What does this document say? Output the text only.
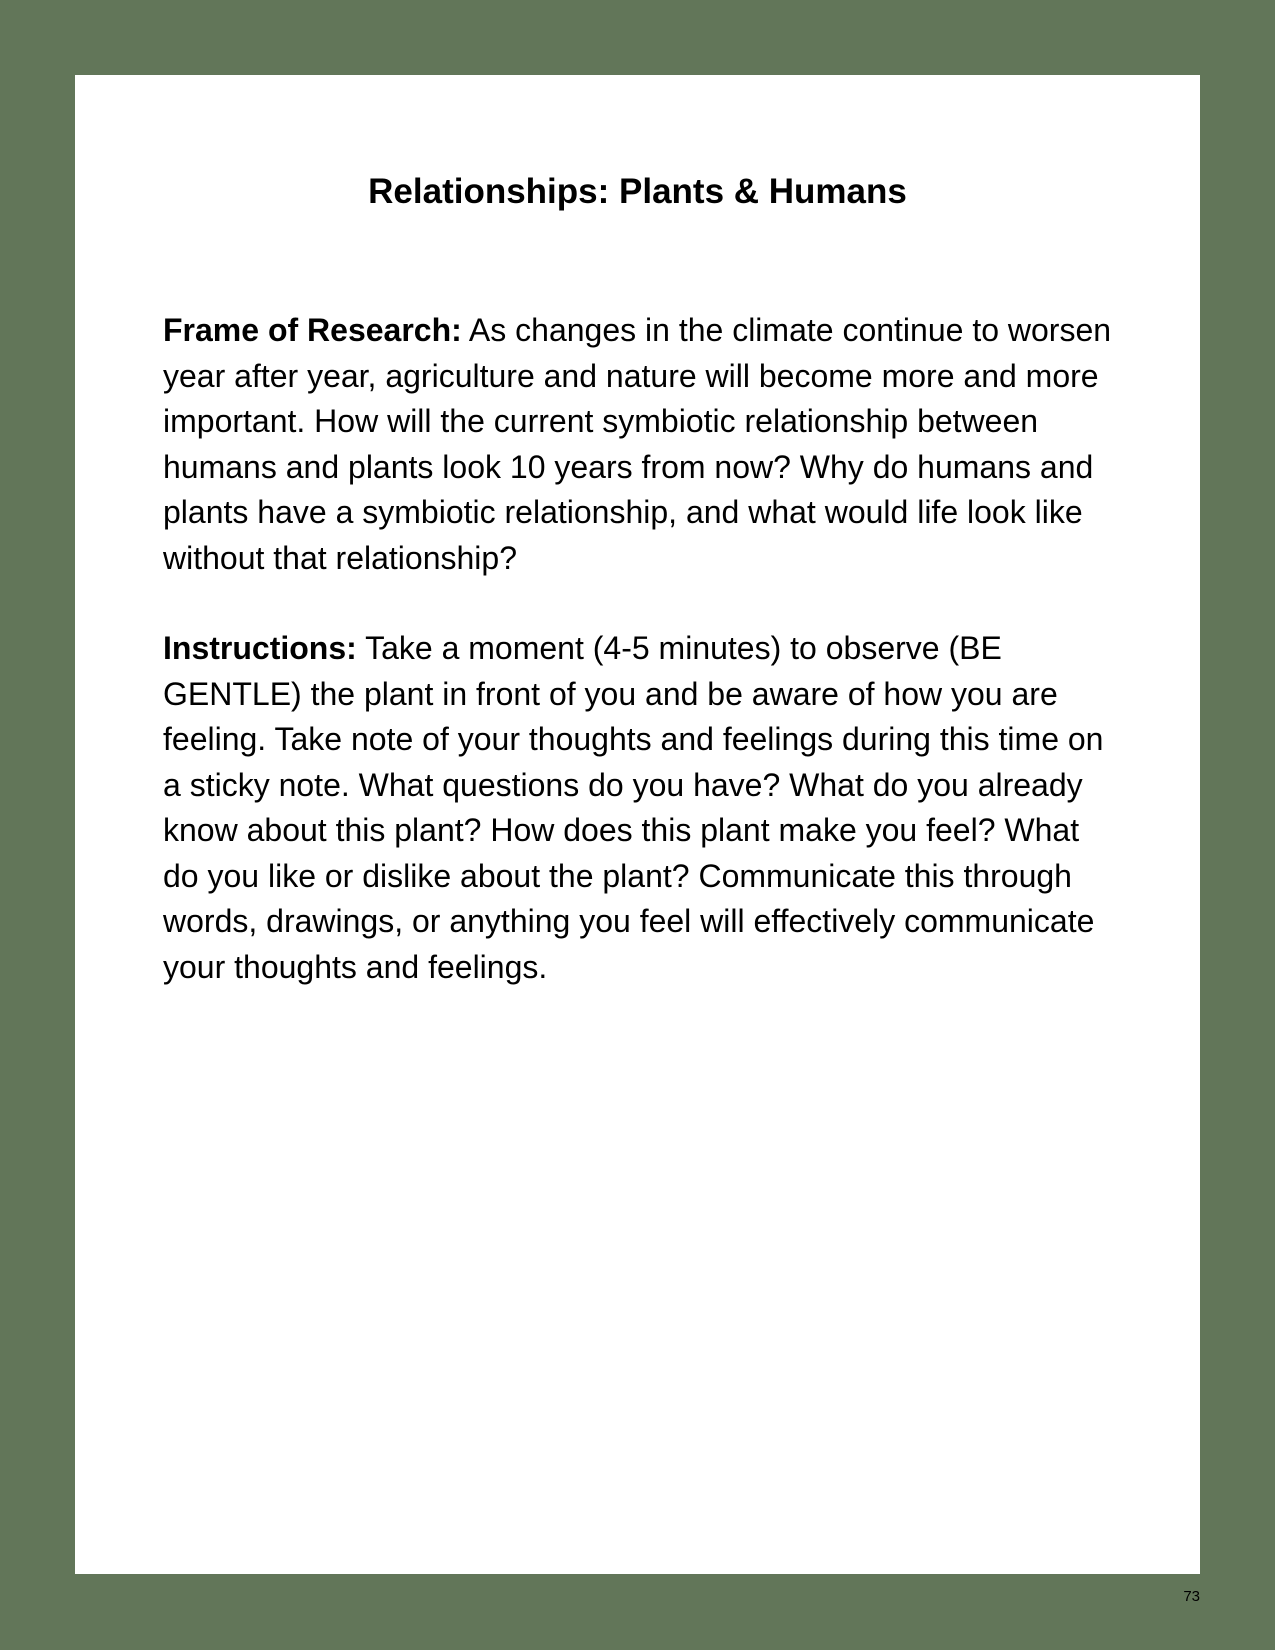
Relationships: Plants & Humans

Frame of Research: As changes in the climate continue to worsen year after year, agriculture and nature will become more and more important. How will the current symbiotic relationship between humans and plants look 10 years from now? Why do humans and plants have a symbiotic relationship, and what would life look like without that relationship?

Instructions: Take a moment (4-5 minutes) to observe (BE GENTLE) the plant in front of you and be aware of how you are feeling. Take note of your thoughts and feelings during this time on a sticky note. What questions do you have? What do you already know about this plant? How does this plant make you feel? What do you like or dislike about the plant? Communicate this through words, drawings, or anything you feel will effectively communicate your thoughts and feelings.

73
